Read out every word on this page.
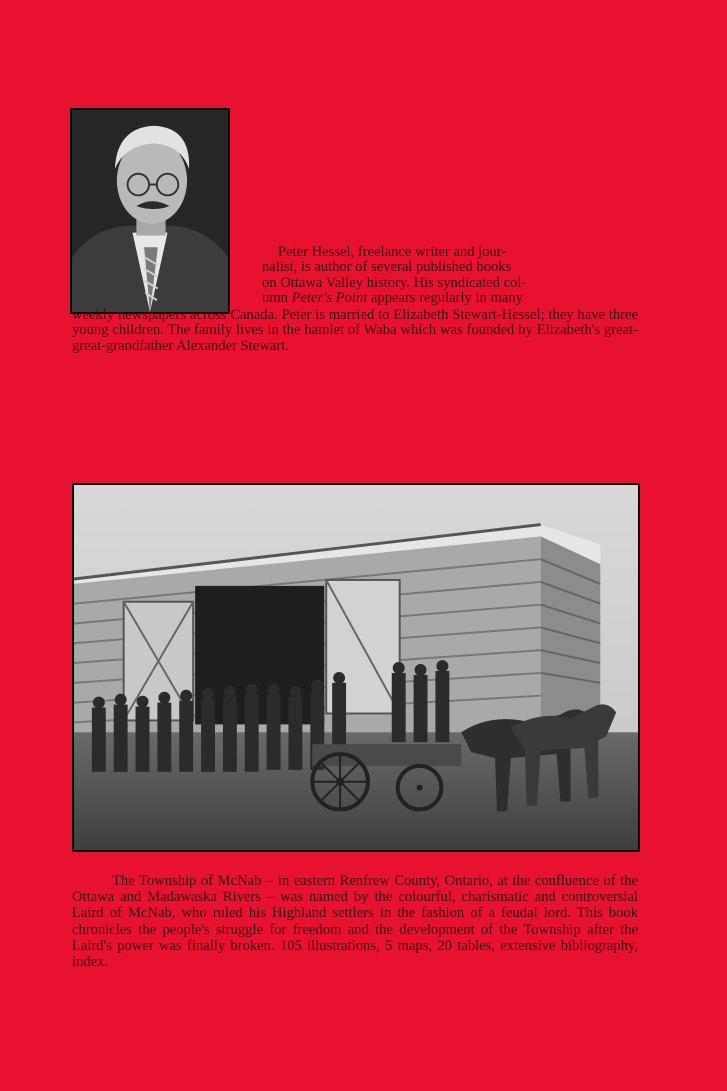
Peter Hessel, freelance writer and jour-
nalist, is author of several published books
on Ottawa Valley history. His syndicated col-
umn Peter's Point appears regularly in many
weekly newspapers across Canada. Peter is married to Elizabeth Stewart-Hessel; they have three young children. The family lives in the hamlet of Waba which was founded by Elizabeth's great-great-grandfather Alexander Stewart.
The Township of McNab – in eastern Renfrew County, Ontario, at the confluence of the Ottawa and Madawaska Rivers – was named by the colourful, charismatic and controversial Laird of McNab, who ruled his Highland settlers in the fashion of a feudal lord. This book chronicles the people's struggle for freedom and the development of the Township after the Laird's power was finally broken. 105 illustrations, 5 maps, 20 tables, extensive bibliography, index.
